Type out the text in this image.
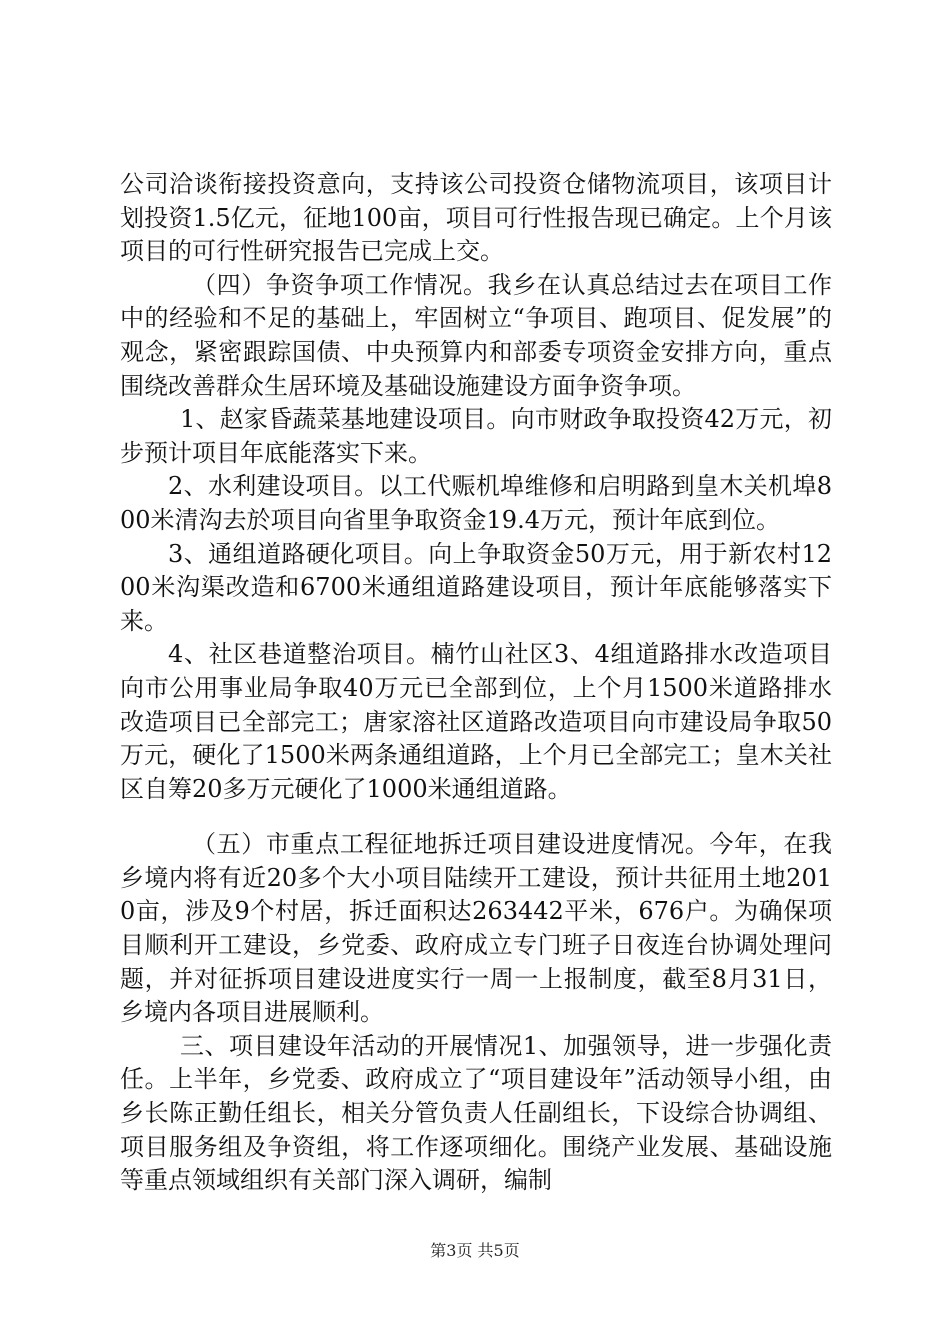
公司洽谈衔接投资意向，支持该公司投资仓储物流项目，该项目计划投资1.5亿元，征地100亩，项目可行性报告现已确定。上个月该项目的可行性研究报告已完成上交。

（四）争资争项工作情况。我乡在认真总结过去在项目工作中的经验和不足的基础上，牢固树立“争项目、跑项目、促发展”的观念，紧密跟踪国债、中央预算内和部委专项资金安排方向，重点围绕改善群众生居环境及基础设施建设方面争资争项。

1、赵家昏蔬菜基地建设项目。向市财政争取投资42万元，初步预计项目年底能落实下来。

2、水利建设项目。以工代赈机埠维修和启明路到皇木关机埠800米清沟去於项目向省里争取资金19.4万元，预计年底到位。

3、通组道路硬化项目。向上争取资金50万元，用于新农村1200米沟渠改造和6700米通组道路建设项目，预计年底能够落实下来。

4、社区巷道整治项目。楠竹山社区3、4组道路排水改造项目向市公用事业局争取40万元已全部到位，上个月1500米道路排水改造项目已全部完工；唐家溶社区道路改造项目向市建设局争取50万元，硬化了1500米两条通组道路，上个月已全部完工；皇木关社区自筹20多万元硬化了1000米通组道路。

（五）市重点工程征地拆迁项目建设进度情况。今年，在我乡境内将有近20多个大小项目陆续开工建设，预计共征用土地2010亩，涉及9个村居，拆迁面积达263442平米，676户。为确保项目顺利开工建设，乡党委、政府成立专门班子日夜连台协调处理问题，并对征拆项目建设进度实行一周一上报制度，截至8月31日，乡境内各项目进展顺利。

三、项目建设年活动的开展情况1、加强领导，进一步强化责任。上半年，乡党委、政府成立了“项目建设年”活动领导小组，由乡长陈正勤任组长，相关分管负责人任副组长，下设综合协调组、项目服务组及争资组，将工作逐项细化。围绕产业发展、基础设施等重点领域组织有关部门深入调研，编制

第3页 共5页
